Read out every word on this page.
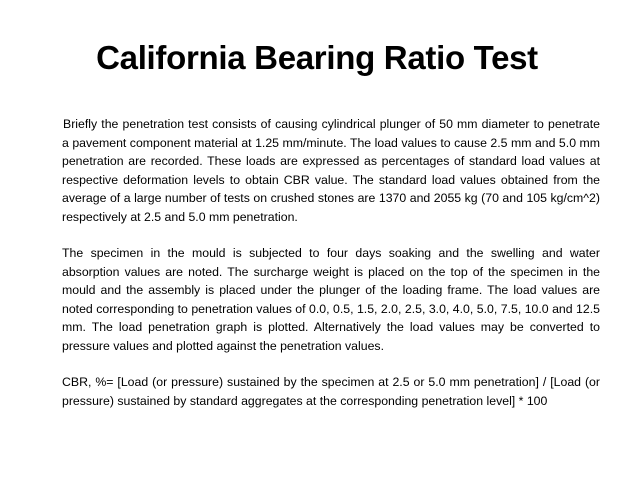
California Bearing Ratio Test

Briefly the penetration test consists of causing cylindrical plunger of 50 mm diameter to penetrate a pavement component material at 1.25 mm/minute. The load values to cause 2.5 mm and 5.0 mm penetration are recorded. These loads are expressed as percentages of standard load values at respective deformation levels to obtain CBR value. The standard load values obtained from the average of a large number of tests on crushed stones are 1370 and 2055 kg (70 and 105 kg/cm^2) respectively at 2.5 and 5.0 mm penetration.

The specimen in the mould is subjected to four days soaking and the swelling and water absorption values are noted. The surcharge weight is placed on the top of the specimen in the mould and the assembly is placed under the plunger of the loading frame. The load values are noted corresponding to penetration values of 0.0, 0.5, 1.5, 2.0, 2.5, 3.0, 4.0, 5.0, 7.5, 10.0 and 12.5 mm. The load penetration graph is plotted. Alternatively the load values may be converted to pressure values and plotted against the penetration values.

CBR, %= [Load (or pressure) sustained by the specimen at 2.5 or 5.0 mm penetration] / [Load (or pressure) sustained by standard aggregates at the corresponding penetration level] * 100
